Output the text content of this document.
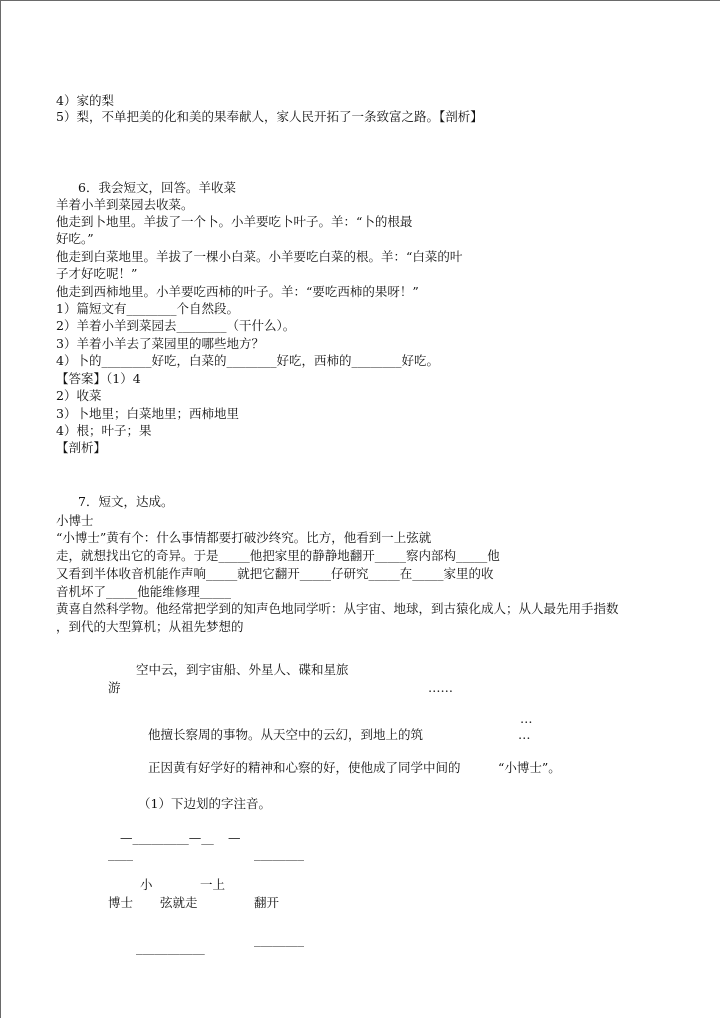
4）家的梨
5）梨，不单把美的化和美的果奉献人，家人民开拓了一条致富之路。【剖析】
6．我会短文，回答。羊收菜
羊着小羊到菜园去收菜。
他走到卜地里。羊拔了一个卜。小羊要吃卜叶子。羊：“卜的根最
好吃。”
他走到白菜地里。羊拔了一棵小白菜。小羊要吃白菜的根。羊：“白菜的叶
子才好吃呢！”
他走到西柿地里。小羊要吃西柿的叶子。羊：“要吃西柿的果呀！”
1）篇短文有________个自然段。
2）羊着小羊到菜园去________（干什么）。
3）羊着小羊去了菜园里的哪些地方？
4）卜的________好吃，白菜的________好吃，西柿的________好吃。
【答案】（1）4
2）收菜
3）卜地里；白菜地里；西柿地里
4）根；叶子；果
【剖析】
7．短文，达成。
小博士
“小博士”黄有个：什么事情都要打破沙终究。比方，他看到一上弦就
走，就想找出它的奇异。于是_____他把家里的静静地翻开_____察内部构_____他
又看到半体收音机能作声响_____就把它翻开_____仔研究_____在_____家里的收
音机坏了_____他能维修理_____
黄喜自然科学物。他经常把学到的知声色地同学听：从宇宙、地球，到古猿化成人；从人最先用手指数
，到代的大型算机；从祖先梦想的
空中云，到宇宙船、外星人、碟和星旅
游	……
…
他擅长察周的事物。从天空中的云幻，到地上的筑	…
正因黄有好学好的精神和心察的好，使他成了同学中间的	“小博士”。
（1）下边划的字注音。
—_________—__ —
____	________
小	一上
博士 弦就走	翻开
________
___________
